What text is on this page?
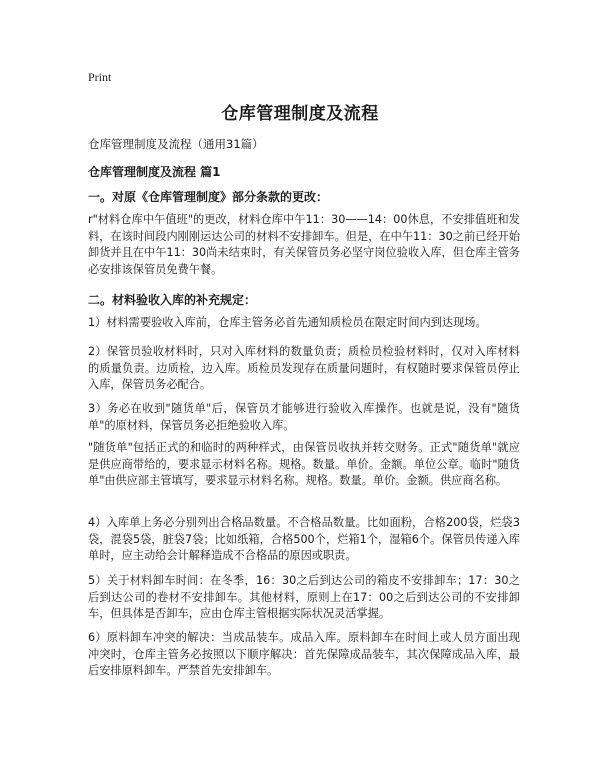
Print
仓库管理制度及流程
仓库管理制度及流程（通用31篇）
仓库管理制度及流程 篇1
一。对原《仓库管理制度》部分条款的更改：

r"材料仓库中午值班"的更改，材料仓库中午11：30——14：00休息，不安排值班和发料，在该时间段内刚刚运达公司的材料不安排卸车。但是，在中午11：30之前已经开始卸货并且在中午11：30尚未结束时，有关保管员务必坚守岗位验收入库，但仓库主管务必安排该保管员免费午餐。

二。材料验收入库的补充规定：

1）材料需要验收入库前，仓库主管务必首先通知质检员在限定时间内到达现场。

2）保管员验收材料时，只对入库材料的数量负责；质检员检验材料时，仅对入库材料的质量负责。边质检，边入库。质检员发现存在质量问题时，有权随时要求保管员停止入库，保管员务必配合。

3）务必在收到"随货单"后，保管员才能够进行验收入库操作。也就是说，没有"随货单"的原材料，保管员务必拒绝验收入库。

"随货单"包括正式的和临时的两种样式，由保管员收执并转交财务。正式"随货单"就应是供应商带给的，要求显示材料名称。规格。数量。单价。金额。单位公章。临时"随货单"由供应部主管填写，要求显示材料名称。规格。数量。单价。金额。供应商名称。

4）入库单上务必分别列出合格品数量。不合格品数量。比如面粉，合格200袋，烂袋3袋，混袋5袋，脏袋7袋；比如纸箱，合格500个，烂箱1个，湿箱6个。保管员传递入库单时，应主动给会计解释造成不合格品的原因或职责。

5）关于材料卸车时间：在冬季，16：30之后到达公司的箱皮不安排卸车；17：30之后到达公司的卷材不安排卸车。其他材料，原则上在17：00之后到达公司的不安排卸车，但具体是否卸车，应由仓库主管根据实际状况灵活掌握。

6）原料卸车冲突的解决：当成品装车。成品入库。原料卸车在时间上或人员方面出现冲突时，仓库主管务必按照以下顺序解决：首先保障成品装车，其次保障成品入库，最后安排原料卸车。严禁首先安排卸车。
